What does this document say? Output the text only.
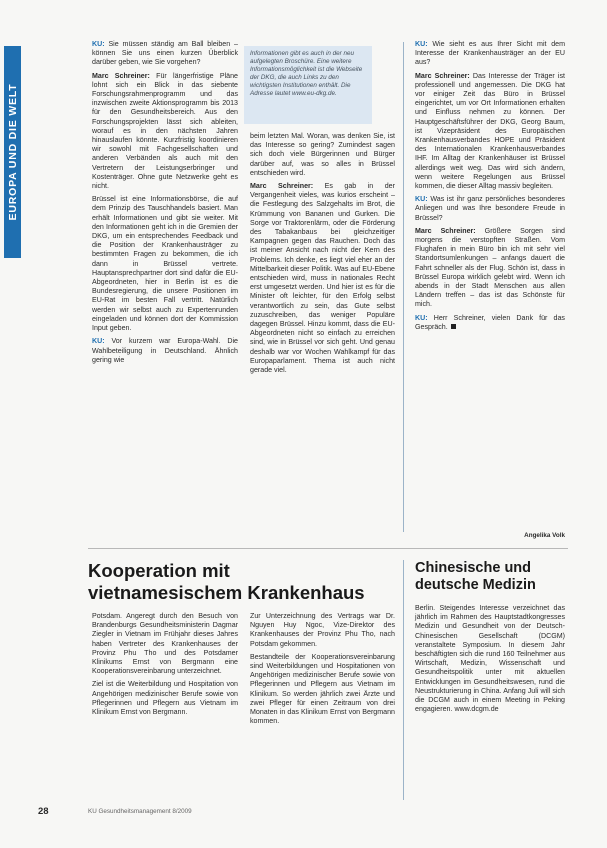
EUROPA UND DIE WELT

KU: Sie müssen ständig am Ball bleiben – können Sie uns einen kurzen Überblick darüber geben, wie Sie vorgehen?

Marc Schreiner: Für längerfristige Pläne lohnt sich ein Blick in das siebente Forschungsrahmenprogramm und das inzwischen zweite Aktionsprogramm bis 2013 für den Gesundheitsbereich. Aus den Forschungsprojekten lässt sich ableiten, worauf es in den nächsten Jahren hinauslaufen könnte. Kurzfristig koordinieren wir sowohl mit Fachgesellschaften und anderen Verbänden als auch mit den Vertretern der Leistungserbringer und Kostenträger. Ohne gute Netzwerke geht es nicht.

Brüssel ist eine Informationsbörse, die auf dem Prinzip des Tauschhandels basiert. Man erhält Informationen und gibt sie weiter. Mit den Informationen geht ich in die Gremien der DKG, um ein entsprechendes Feedback und die Position der Krankenhausträger zu bestimmten Fragen zu bekommen, die ich dann in Brüssel vertrete. Hauptansprechpartner dort sind dafür die EU-Abgeordneten, hier in Berlin ist es die Bundesregierung, die unsere Positionen im EU-Rat im besten Fall vertritt. Natürlich werden wir selbst auch zu Expertenrunden eingeladen und können dort der Kommission Input geben.

KU: Vor kurzem war Europa-Wahl. Die Wahlbeteiligung in Deutschland. Ähnlich gering wie

Informationen gibt es auch in der neu aufgelegten Broschüre. Eine weitere Informationsmöglichkeit ist die Webseite der DKG, die auch Links zu den wichtigsten Institutionen enthält. Die Adresse lautet www.eu-dkg.de.

beim letzten Mal. Woran, was denken Sie, ist das Interesse so gering? Zumindest sagen sich doch viele Bürgerinnen und Bürger darüber auf, was so alles in Brüssel entschieden wird.

Marc Schreiner: Es gab in der Vergangenheit vieles, was kurios erscheint – die Festlegung des Salzgehalts im Brot, die Krümmung von Bananen und Gurken. Die Sorge vor Traktorenlärm, oder die Förderung des Tabakanbaus bei gleichzeitiger Kampagnen gegen das Rauchen. Doch das ist meiner Ansicht nach nicht der Kern des Problems. Ich denke, es liegt viel eher an der Mittelbarkeit dieser Politik. Was auf EU-Ebene entschieden wird, muss in nationales Recht erst umgesetzt werden. Und hier ist es für die Minister oft leichter, für den Erfolg selbst verantwortlich zu sein, das Gute selbst zuzuschreiben, das weniger Populäre dagegen Brüssel. Hinzu kommt, dass die EU-Abgeordneten nicht so einfach zu erreichen sind, wie in Brüssel vor sich geht. Und genau deshalb war vor Wochen Wahlkampf für das Europaparlament. Thema ist auch nicht gerade viel.

KU: Wie sieht es aus Ihrer Sicht mit dem Interesse der Krankenhausträger an der EU aus?

Marc Schreiner: Das Interesse der Träger ist professionell und angemessen. Die DKG hat vor einiger Zeit das Büro in Brüssel eingerichtet, um vor Ort Informationen erhalten und Einfluss nehmen zu können. Der Hauptgeschäftsführer der DKG, Georg Baum, ist Vizepräsident des Europäischen Krankenhausverbandes HOPE und Präsident des Internationalen Krankenhausverbandes IHF. Im Alltag der Krankenhäuser ist Brüssel allerdings weit weg. Das wird sich ändern, wenn weitere Regelungen aus Brüssel kommen, die dieser Alltag massiv begleiten.

KU: Was ist ihr ganz persönliches besonderes Anliegen und was Ihre besondere Freude in Brüssel?

Marc Schreiner: Größere Sorgen sind morgens die verstopften Straßen. Vom Flughafen in mein Büro bin ich mit sehr viel Standortsumlenkungen – anfangs dauert die Fahrt schneller als der Flug. Schön ist, dass in Brüssel Europa wirklich gelebt wird. Wenn ich abends in der Stadt Menschen aus allen Ländern treffen – das ist das Schönste für mich.

KU: Herr Schreiner, vielen Dank für das Gespräch.

Angelika Volk
Kooperation mit vietnamesischem Krankenhaus

Potsdam. Angeregt durch den Besuch von Brandenburgs Gesundheitsministerin Dagmar Ziegler in Vietnam im Frühjahr dieses Jahres haben Vertreter des Krankenhauses der Provinz Phu Tho und des Potsdamer Klinikums Ernst von Bergmann eine Kooperationsvereinbarung unterzeichnet.

Ziel ist die Weiterbildung und Hospitation von Angehörigen medizinischer Berufe sowie von Pflegerinnen und Pflegern aus Vietnam im Klinikum Ernst von Bergmann.

Zur Unterzeichnung des Vertrags war Dr. Nguyen Huy Ngoc, Vize-Direktor des Krankenhauses der Provinz Phu Tho, nach Potsdam gekommen.

Bestandteile der Kooperationsvereinbarung sind Weiterbildungen und Hospitationen von Angehörigen medizinischer Berufe sowie von Pflegerinnen und Pflegern aus Vietnam im Klinikum. So werden jährlich zwei Ärzte und zwei Pfleger für einen Zeitraum von drei Monaten in das Klinikum Ernst von Bergmann kommen.

Chinesische und deutsche Medizin

Berlin. Steigendes Interesse verzeichnet das jährlich im Rahmen des Hauptstadtkongresses Medizin und Gesundheit von der Deutsch-Chinesischen Gesellschaft (DCGM) veranstaltete Symposium. In diesem Jahr beschäftigten sich die rund 160 Teilnehmer aus Wirtschaft, Medizin, Wissenschaft und Gesundheitspolitik unter mit aktuellen Entwicklungen im Gesundheitswesen, rund die Neustrukturierung in China. Anfang Juli will sich die DCGM auch in einem Meeting in Peking engagieren. www.dcgm.de

28	KU Gesundheitsmanagement 8/2009
